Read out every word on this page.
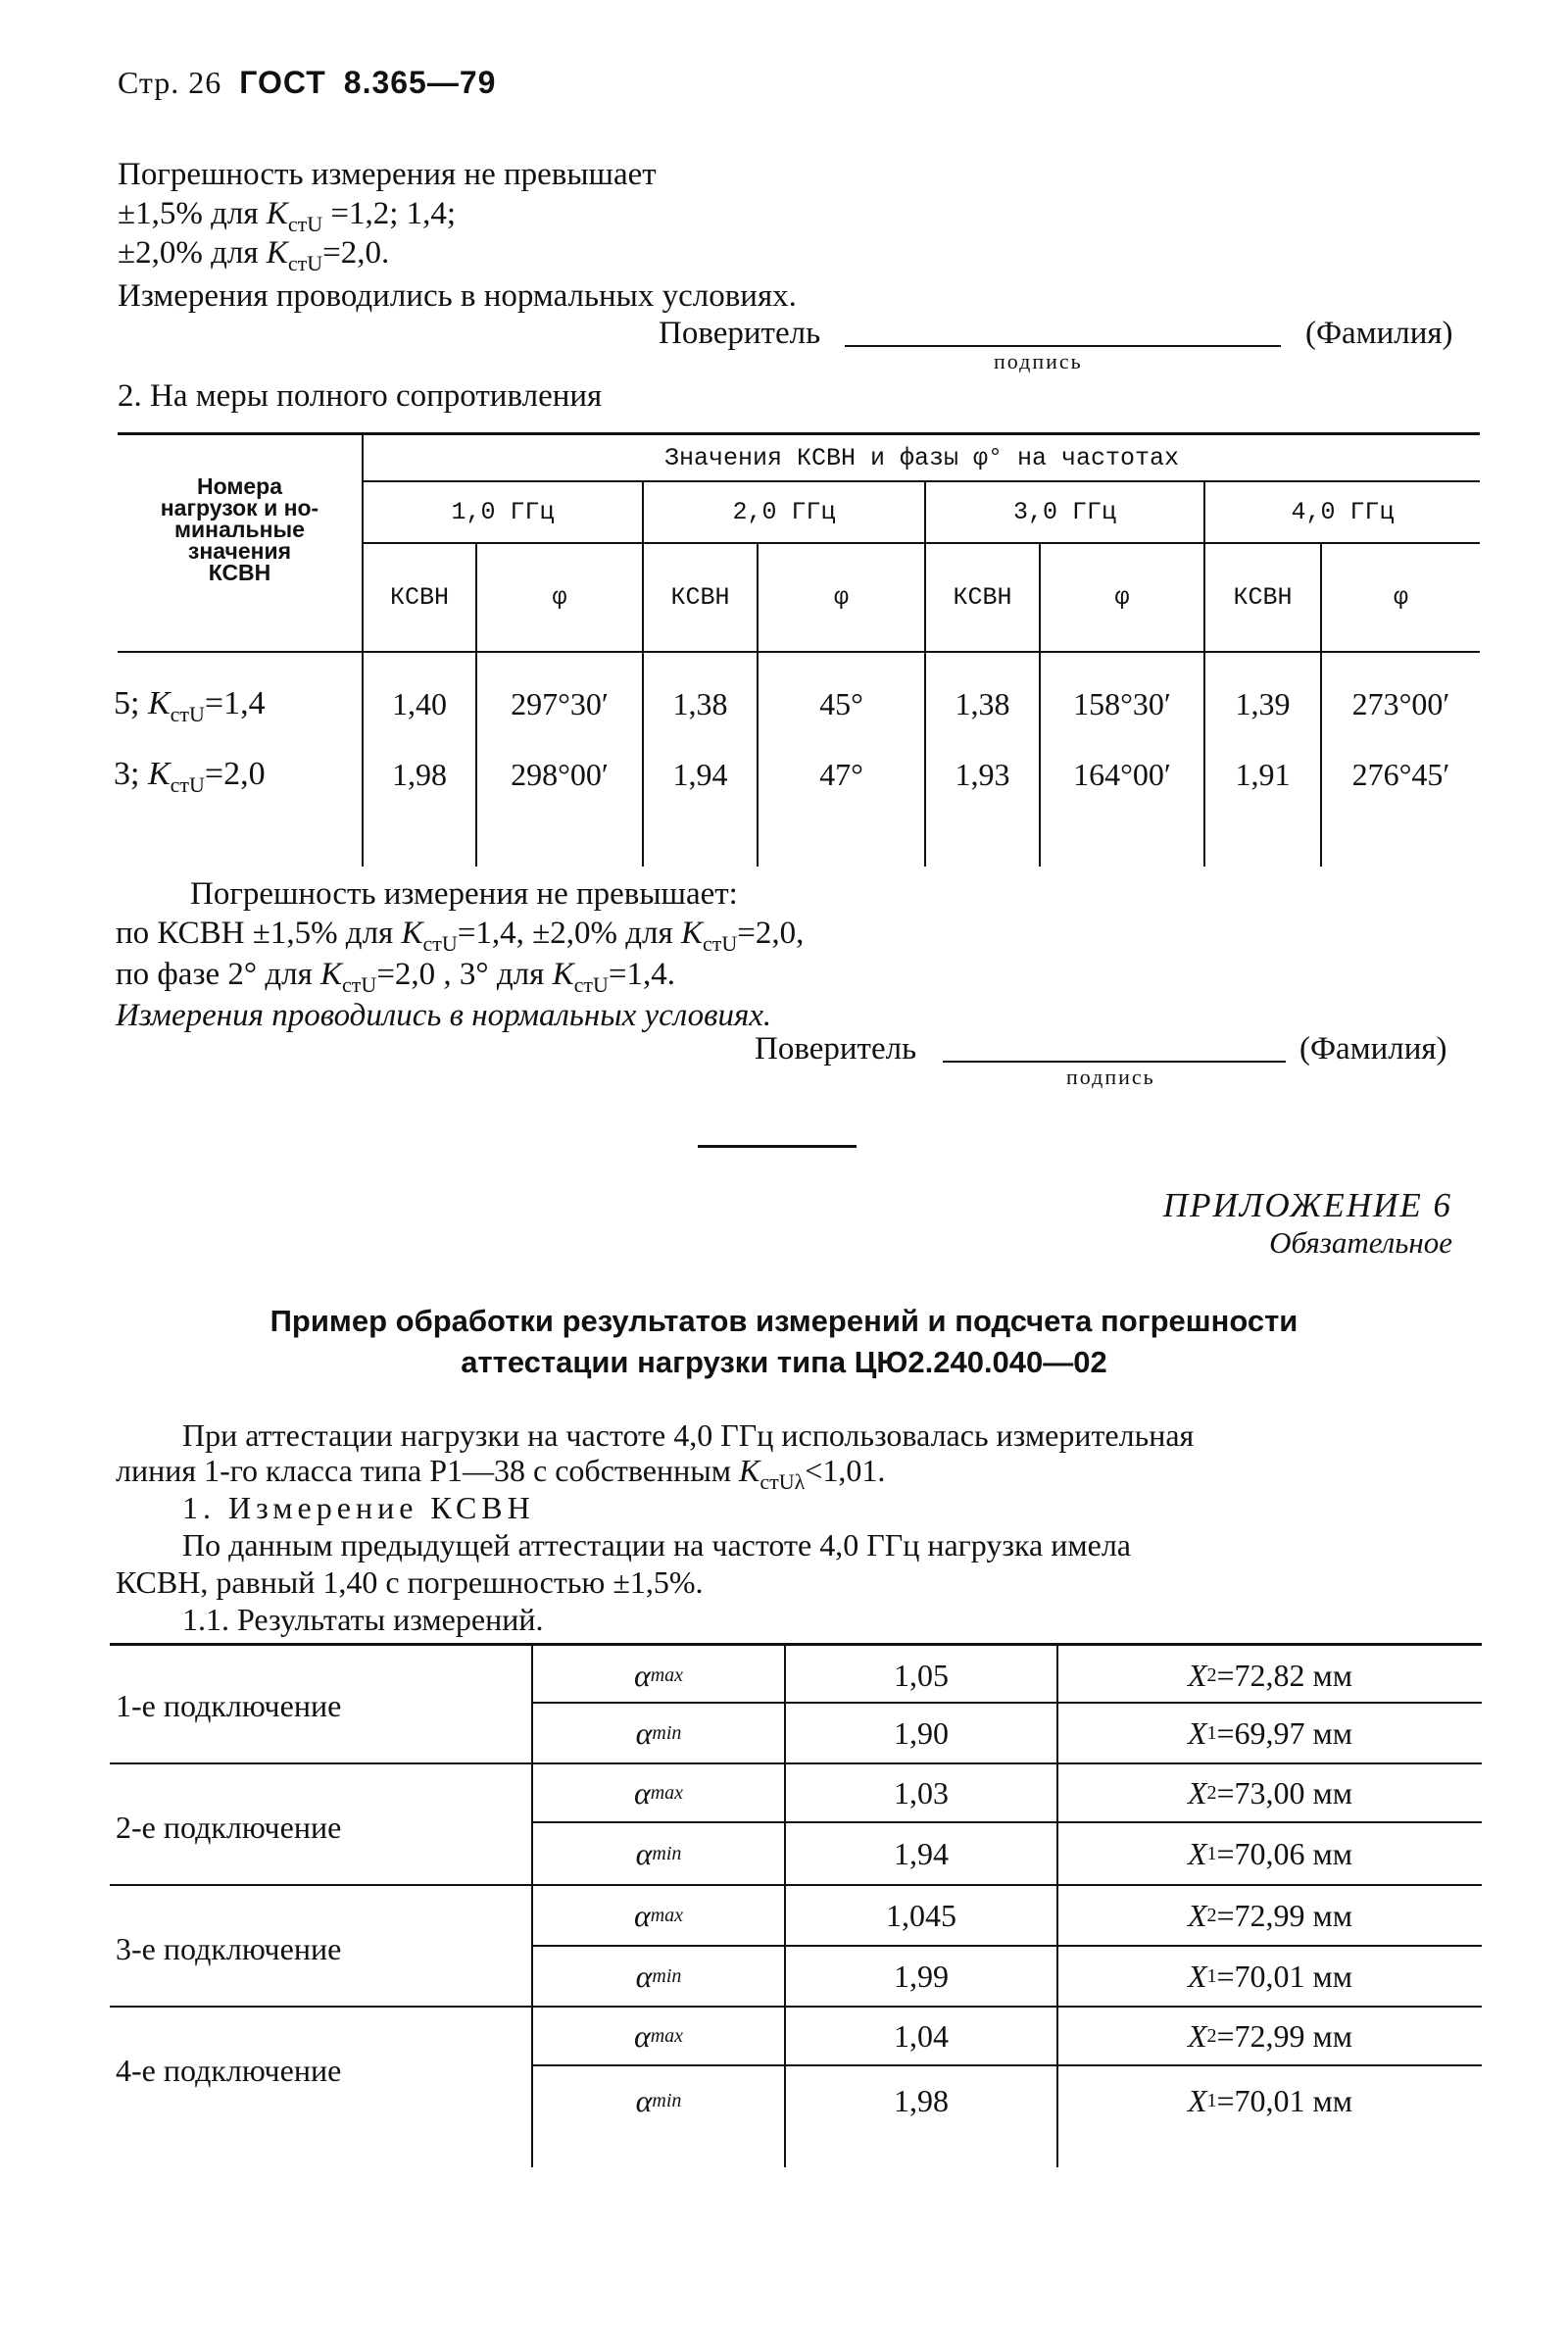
Стр. 26 ГОСТ 8.365—79
Погрешность измерения не превышает
±1,5% для $K_{стU} =1,2$; 1,4;
±2,0% для $K_{стU}=2,0$.
Измерения проводились в нормальных условиях.
Поверитель	(Фамилия)
подпись
2. На меры полного сопротивления
Номера
нагрузок и но-
минальные
значения
КСВН
Значения КСВН и фазы φ° на частотах
1,0 ГГц	2,0 ГГц	3,0 ГГц	4,0 ГГц
КСВН	φ	КСВН	φ	КСВН	φ	КСВН	φ
5; $K_{стU}=1,4$	1,40	297°30′	1,38	45°	1,38	158°30′	1,39	273°00′
3; $K_{стU}=2,0$	1,98	298°00′	1,94	47°	1,93	164°00′	1,91	276°45′
Погрешность измерения не превышает:
по КСВН ±1,5% для $K_{стU}=1,4$, ±2,0% для $K_{стU}=2,0$,
по фазе 2° для $K_{стU}=2,0$ , 3° для $K_{стU}=1,4$.
Измерения проводились в нормальных условиях.
Поверитель	(Фамилия)
подпись
ПРИЛОЖЕНИЕ 6
Обязательное
Пример обработки результатов измерений и подсчета погрешности
аттестации нагрузки типа ЦЮ2.240.040—02
При аттестации нагрузки на частоте 4,0 ГГц использовалась измерительная
линия 1-го класса типа Р1—38 с собственным $K_{стU\lambda}<1,01$.
1. Измерение КСВН
По данным предыдущей аттестации на частоте 4,0 ГГц нагрузка имела
КСВН, равный 1,40 с погрешностью ±1,5%.
1.1. Результаты измерений.
1-е подключение
α max	1,05	X 2 =72,82 мм
α min	1,90	X 1 =69,97 мм
2-е подключение
α max	1,03	X 2 =73,00 мм
α min	1,94	X 1 =70,06 мм
3-е подключение
α max	1,045	X 2 =72,99 мм
α min	1,99	X 1 =70,01 мм
4-е подключение
α max	1,04	X 2 =72,99 мм
α min	1,98	X 1 =70,01 мм
